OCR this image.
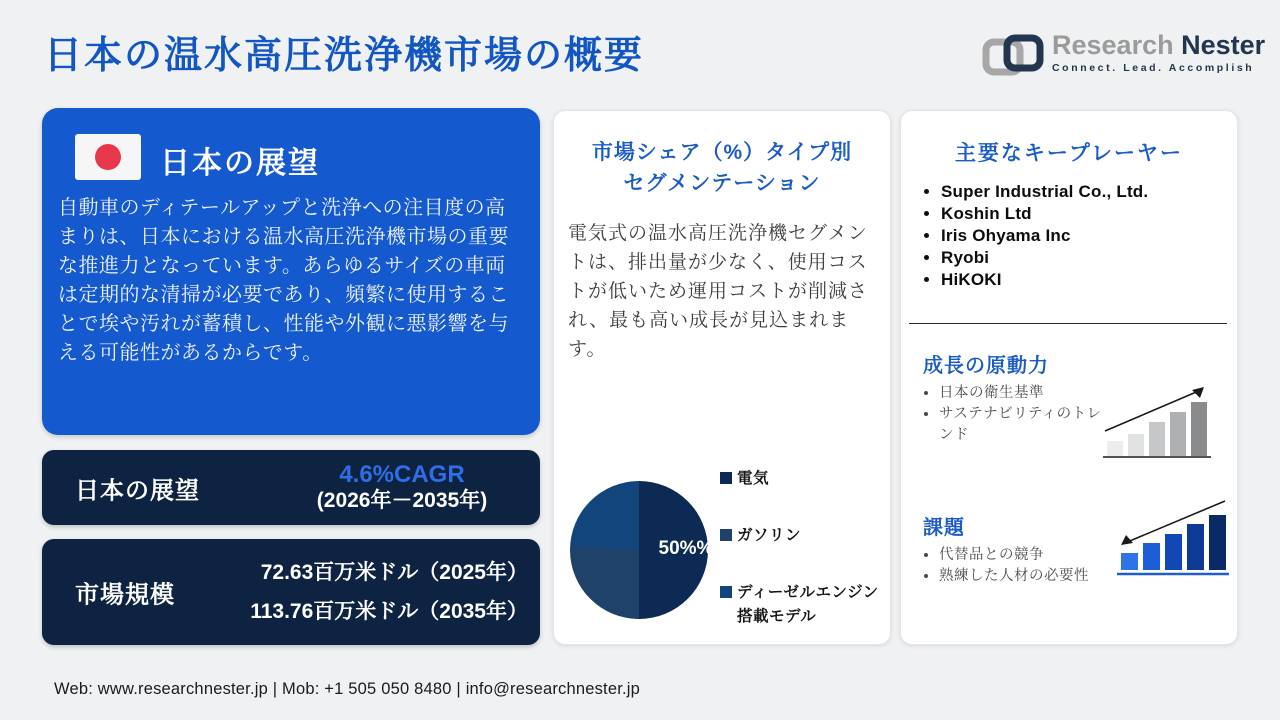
日本の温水高圧洗浄機市場の概要	Research Nester
Connect. Lead. Accomplish
日本の展望
自動車のディテールアップと洗浄への注目度の高まりは、日本における温水高圧洗浄機市場の重要な推進力となっています。あらゆるサイズの車両は定期的な清掃が必要であり、頻繁に使用することで埃や汚れが蓄積し、性能や外観に悪影響を与える可能性があるからです。
日本の展望
4.6%CAGR
(2026年－2035年)
市場規模
72.63百万米ドル（2025年）
113.76百万米ドル（2035年）
市場シェア（%）タイプ別
セグメンテーション
電気式の温水高圧洗浄機セグメントは、排出量が少なく、使用コストが低いため運用コストが削減され、最も高い成長が見込まれます。
50%%
電気
ガソリン
ディーゼルエンジン搭載モデル
主要なキープレーヤー
• Super Industrial Co., Ltd.
• Koshin Ltd
• Iris Ohyama Inc
• Ryobi
• HiKOKI
成長の原動力
• 日本の衛生基準
• サステナビリティのトレンド
課題
• 代替品との競争
• 熟練した人材の必要性
Web: www.researchnester.jp | Mob: +1 505 050 8480 | info@researchnester.jp
